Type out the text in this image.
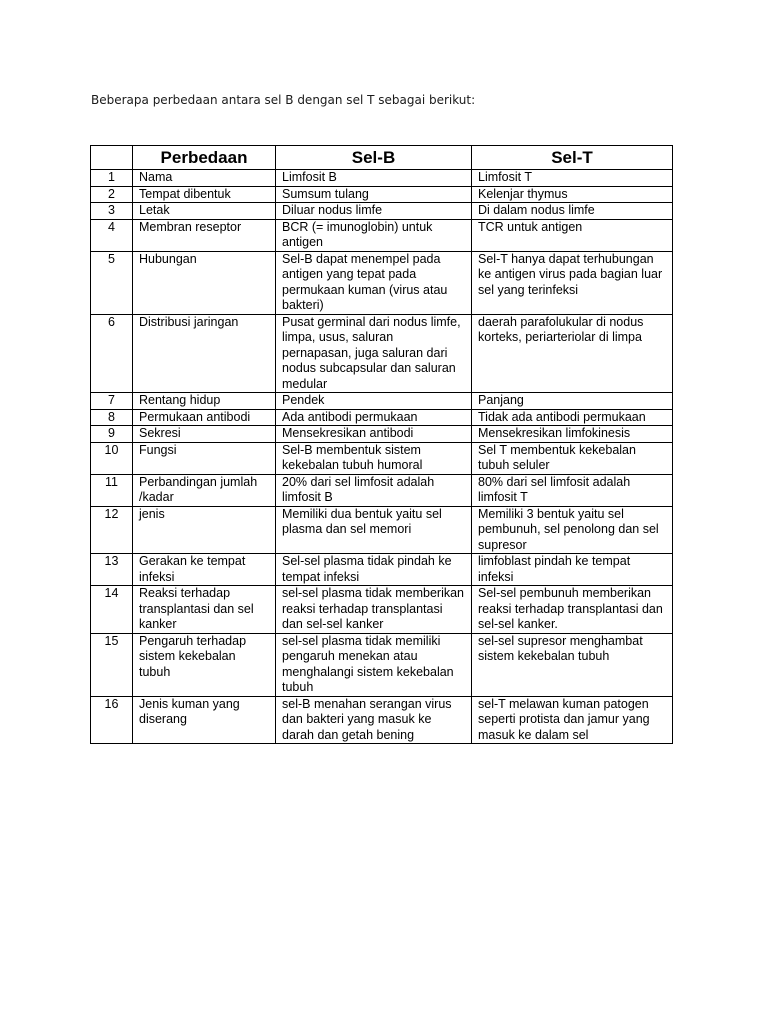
Beberapa perbedaan antara sel B dengan sel T sebagai berikut:
	Perbedaan	Sel-B	Sel-T
1	Nama	Limfosit B	Limfosit T
2	Tempat dibentuk	Sumsum tulang	Kelenjar thymus
3	Letak	Diluar nodus limfe	Di dalam nodus limfe
4	Membran reseptor	BCR (= imunoglobin) untuk antigen	TCR untuk antigen
5	Hubungan	Sel-B dapat menempel pada antigen yang tepat pada permukaan kuman (virus atau bakteri)	Sel-T hanya dapat terhubungan ke antigen virus pada bagian luar sel yang terinfeksi
6	Distribusi jaringan	Pusat germinal dari nodus limfe, limpa, usus, saluran pernapasan, juga saluran dari nodus subcapsular dan saluran medular	daerah parafolukular di nodus korteks, periarteriolar di limpa
7	Rentang hidup	Pendek	Panjang
8	Permukaan antibodi	Ada antibodi permukaan	Tidak ada antibodi permukaan
9	Sekresi	Mensekresikan antibodi	Mensekresikan limfokinesis
10	Fungsi	Sel-B membentuk sistem kekebalan tubuh humoral	Sel T membentuk kekebalan tubuh seluler
11	Perbandingan jumlah /kadar	20% dari sel limfosit adalah limfosit B	80% dari sel limfosit adalah limfosit T
12	jenis	Memiliki dua bentuk yaitu sel plasma dan sel memori	Memiliki 3 bentuk yaitu sel pembunuh, sel penolong dan sel supresor
13	Gerakan ke tempat infeksi	Sel-sel plasma tidak pindah ke tempat infeksi	limfoblast pindah ke tempat infeksi
14	Reaksi terhadap transplantasi dan sel kanker	sel-sel plasma tidak memberikan reaksi terhadap transplantasi dan sel-sel kanker	Sel-sel pembunuh memberikan reaksi terhadap transplantasi dan sel-sel kanker.
15	Pengaruh terhadap sistem kekebalan tubuh	sel-sel plasma tidak memiliki pengaruh menekan atau menghalangi sistem kekebalan tubuh	sel-sel supresor menghambat sistem kekebalan tubuh
16	Jenis kuman yang diserang	sel-B menahan serangan virus dan bakteri yang masuk ke darah dan getah bening	sel-T melawan kuman patogen seperti protista dan jamur yang masuk ke dalam sel
